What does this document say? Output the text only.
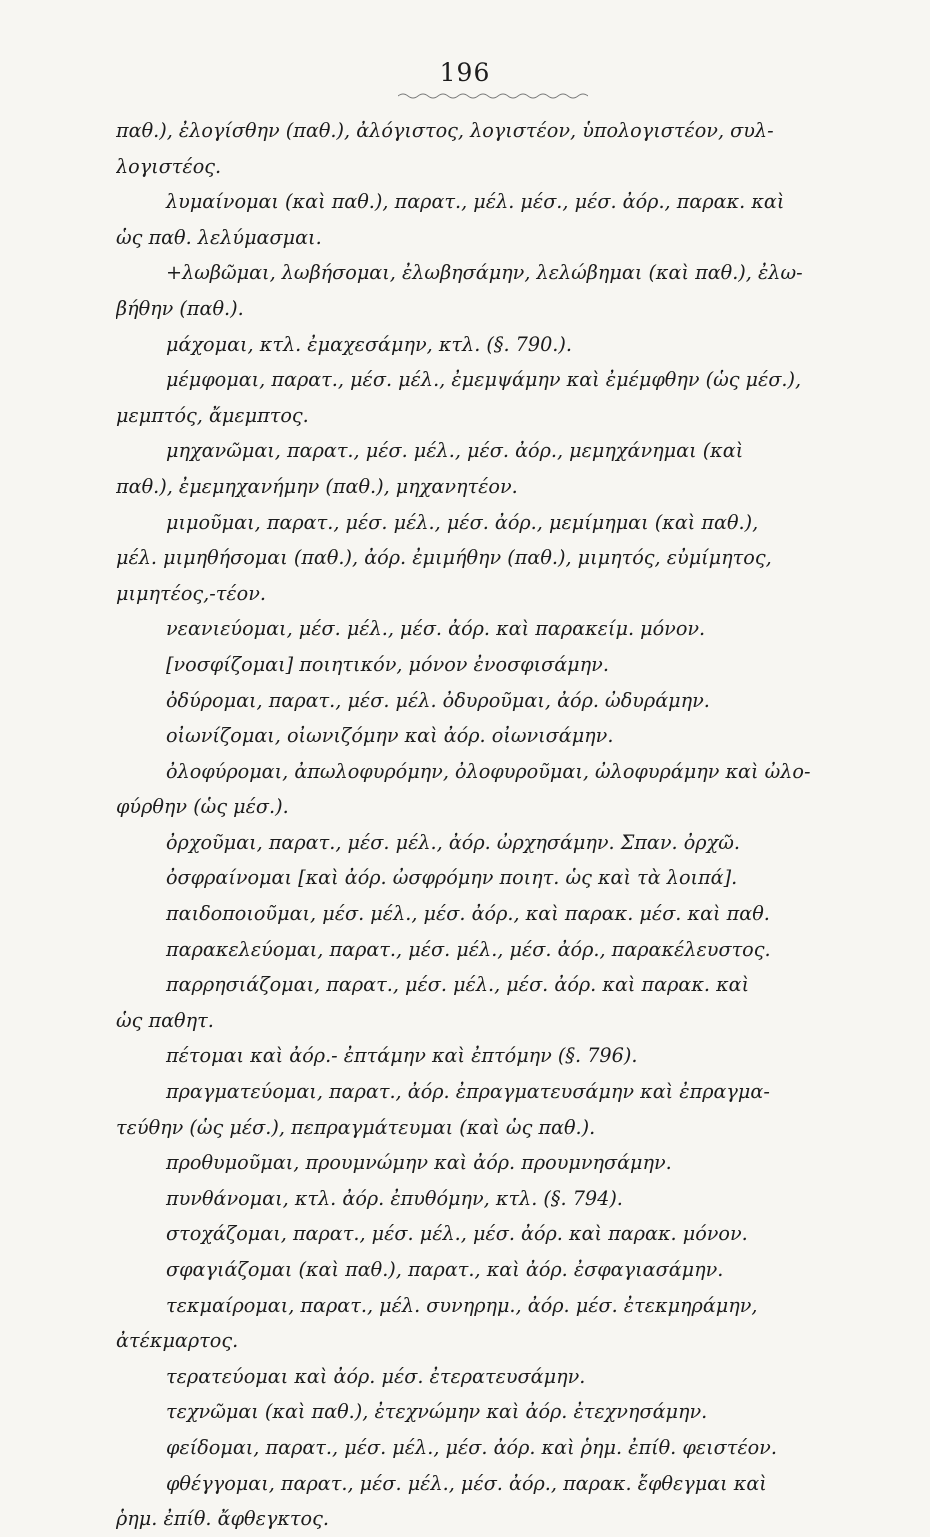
196
παθ.), ἐλογίσθην (παθ.), ἀλόγιστος, λογιστέον, ὑπολογιστέον, συλ-
λογιστέος.
λυμαίνομαι (καὶ παθ.), παρατ., μέλ. μέσ., μέσ. ἀόρ., παρακ. καὶ
ὡς παθ. λελύμασμαι.
+λωβῶμαι, λωβήσομαι, ἐλωβησάμην, λελώβημαι (καὶ παθ.), ἐλω-
βήθην (παθ.).
μάχομαι, κτλ. ἐμαχεσάμην, κτλ. (§. 790.).
μέμφομαι, παρατ., μέσ. μέλ., ἐμεμψάμην καὶ ἐμέμφθην (ὡς μέσ.),
μεμπτός, ἄμεμπτος.
μηχανῶμαι, παρατ., μέσ. μέλ., μέσ. ἀόρ., μεμηχάνημαι (καὶ
παθ.), ἐμεμηχανήμην (παθ.), μηχανητέον.
μιμοῦμαι, παρατ., μέσ. μέλ., μέσ. ἀόρ., μεμίμημαι (καὶ παθ.),
μέλ. μιμηθήσομαι (παθ.), ἀόρ. ἐμιμήθην (παθ.), μιμητός, εὐμίμητος,
μιμητέος,-τέον.
νεανιεύομαι, μέσ. μέλ., μέσ. ἀόρ. καὶ παρακείμ. μόνον.
[νοσφίζομαι] ποιητικόν, μόνον ἐνοσφισάμην.
ὀδύρομαι, παρατ., μέσ. μέλ. ὀδυροῦμαι, ἀόρ. ὠδυράμην.
οἰωνίζομαι, οἰωνιζόμην καὶ ἀόρ. οἰωνισάμην.
ὀλοφύρομαι, ἀπωλοφυρόμην, ὀλοφυροῦμαι, ὠλοφυράμην καὶ ὠλο-
φύρθην (ὡς μέσ.).
ὀρχοῦμαι, παρατ., μέσ. μέλ., ἀόρ. ὠρχησάμην. Σπαν. ὀρχῶ.
ὀσφραίνομαι [καὶ ἀόρ. ὠσφρόμην ποιητ. ὡς καὶ τὰ λοιπά].
παιδοποιοῦμαι, μέσ. μέλ., μέσ. ἀόρ., καὶ παρακ. μέσ. καὶ παθ.
παρακελεύομαι, παρατ., μέσ. μέλ., μέσ. ἀόρ., παρακέλευστος.
παρρησιάζομαι, παρατ., μέσ. μέλ., μέσ. ἀόρ. καὶ παρακ. καὶ
ὡς παθητ.
πέτομαι καὶ ἀόρ.- ἐπτάμην καὶ ἐπτόμην (§. 796).
πραγματεύομαι, παρατ., ἀόρ. ἐπραγματευσάμην καὶ ἐπραγμα-
τεύθην (ὡς μέσ.), πεπραγμάτευμαι (καὶ ὡς παθ.).
προθυμοῦμαι, προυμνώμην καὶ ἀόρ. προυμνησάμην.
πυνθάνομαι, κτλ. ἀόρ. ἐπυθόμην, κτλ. (§. 794).
στοχάζομαι, παρατ., μέσ. μέλ., μέσ. ἀόρ. καὶ παρακ. μόνον.
σφαγιάζομαι (καὶ παθ.), παρατ., καὶ ἀόρ. ἐσφαγιασάμην.
τεκμαίρομαι, παρατ., μέλ. συνηρημ., ἀόρ. μέσ. ἐτεκμηράμην,
ἀτέκμαρτος.
τερατεύομαι καὶ ἀόρ. μέσ. ἐτερατευσάμην.
τεχνῶμαι (καὶ παθ.), ἐτεχνώμην καὶ ἀόρ. ἐτεχνησάμην.
φείδομαι, παρατ., μέσ. μέλ., μέσ. ἀόρ. καὶ ῥημ. ἐπίθ. φειστέον.
φθέγγομαι, παρατ., μέσ. μέλ., μέσ. ἀόρ., παρακ. ἔφθεγμαι καὶ
ῥημ. ἐπίθ. ἄφθεγκτος.
